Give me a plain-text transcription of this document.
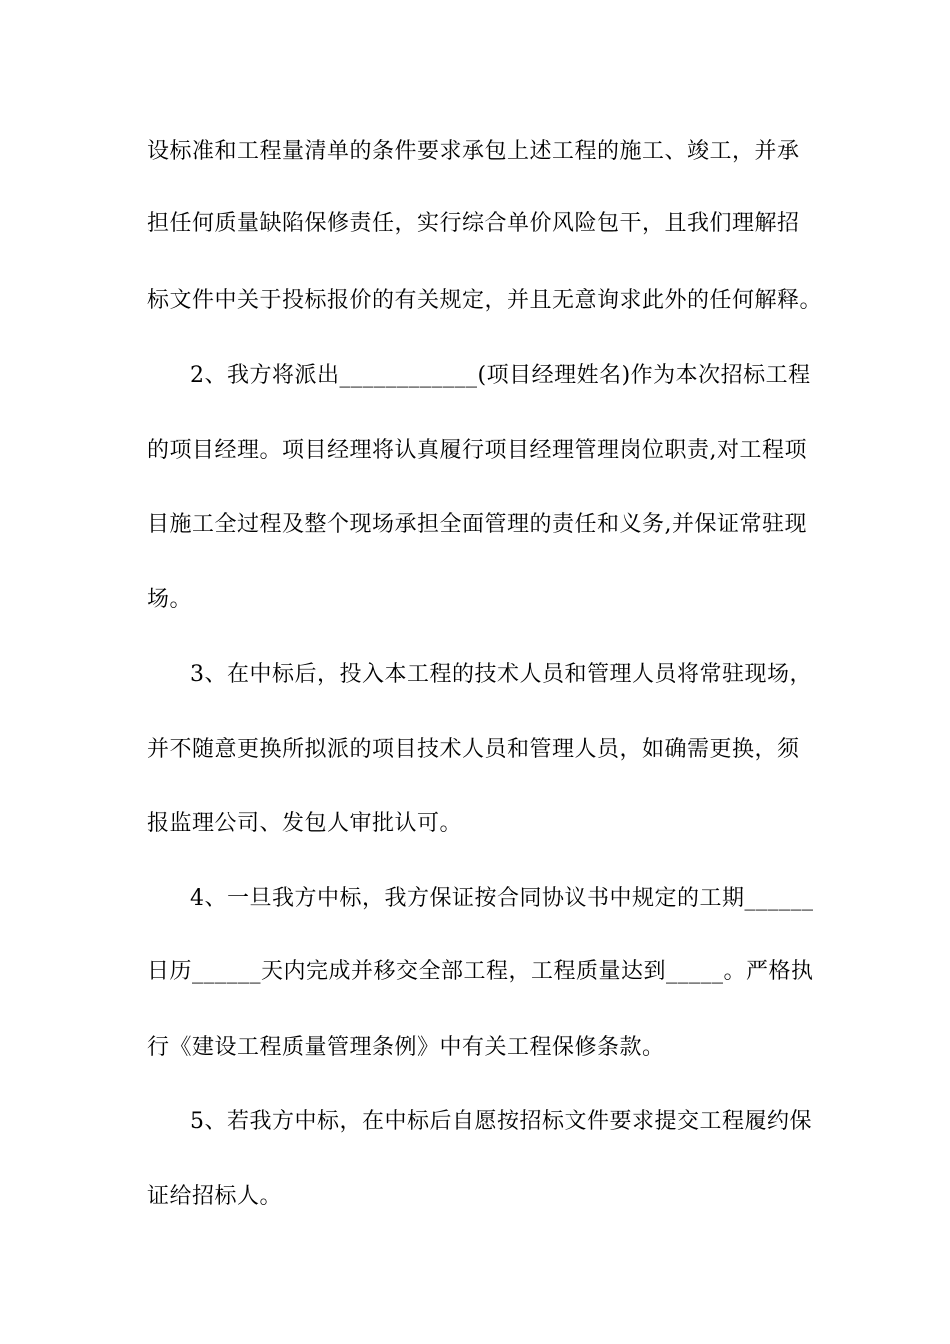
设标准和工程量清单的条件要求承包上述工程的施工、竣工，并承
担任何质量缺陷保修责任，实行综合单价风险包干，且我们理解招
标文件中关于投标报价的有关规定，并且无意询求此外的任何解释。
2、我方将派出____________(项目经理姓名)作为本次招标工程
的项目经理。项目经理将认真履行项目经理管理岗位职责,对工程项
目施工全过程及整个现场承担全面管理的责任和义务,并保证常驻现
场。
3、在中标后，投入本工程的技术人员和管理人员将常驻现场，
并不随意更换所拟派的项目技术人员和管理人员，如确需更换，须
报监理公司、发包人审批认可。
4、一旦我方中标，我方保证按合同协议书中规定的工期______
日历______天内完成并移交全部工程，工程质量达到_____。严格执
行《建设工程质量管理条例》中有关工程保修条款。
5、若我方中标，在中标后自愿按招标文件要求提交工程履约保
证给招标人。
